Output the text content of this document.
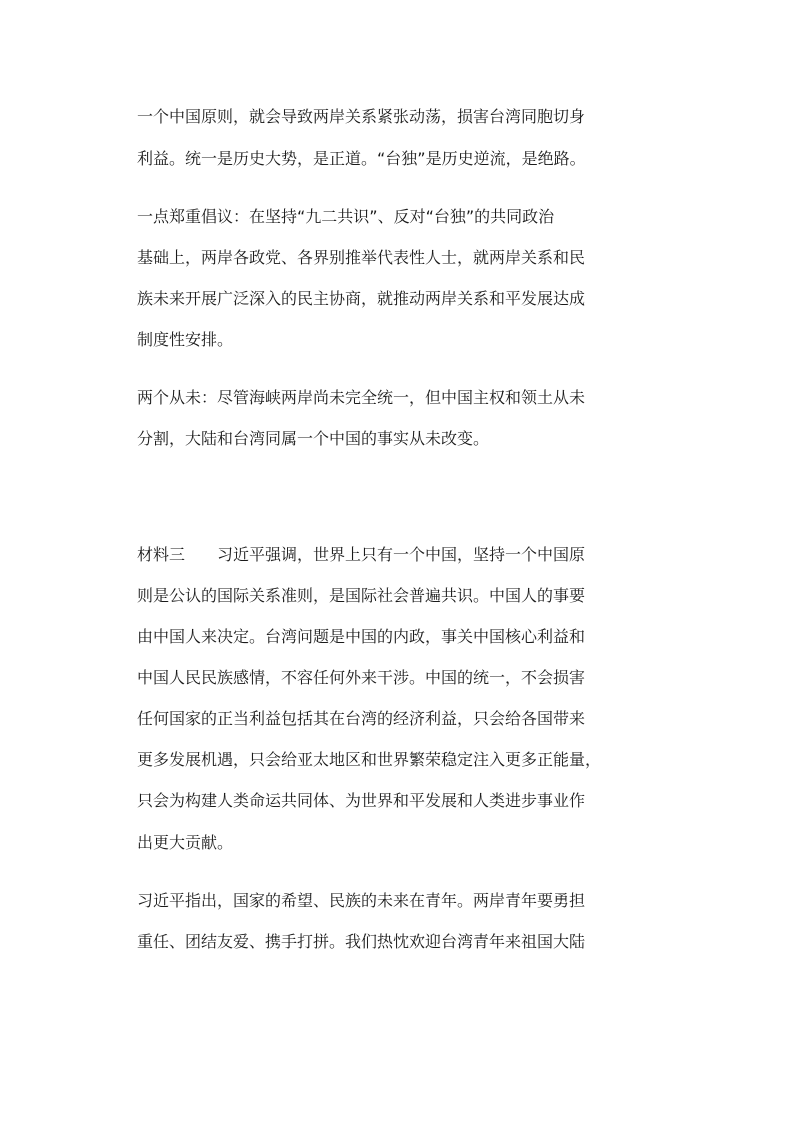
一个中国原则，就会导致两岸关系紧张动荡，损害台湾同胞切身
利益。统一是历史大势，是正道。“台独”是历史逆流，是绝路。
一点郑重倡议：在坚持“九二共识”、反对“台独”的共同政治
基础上，两岸各政党、各界别推举代表性人士，就两岸关系和民
族未来开展广泛深入的民主协商，就推动两岸关系和平发展达成
制度性安排。
两个从未：尽管海峡两岸尚未完全统一，但中国主权和领土从未
分割，大陆和台湾同属一个中国的事实从未改变。
材料三　　习近平强调，世界上只有一个中国，坚持一个中国原
则是公认的国际关系准则，是国际社会普遍共识。中国人的事要
由中国人来决定。台湾问题是中国的内政，事关中国核心利益和
中国人民民族感情，不容任何外来干涉。中国的统一，不会损害
任何国家的正当利益包括其在台湾的经济利益，只会给各国带来
更多发展机遇，只会给亚太地区和世界繁荣稳定注入更多正能量，
只会为构建人类命运共同体、为世界和平发展和人类进步事业作
出更大贡献。
习近平指出，国家的希望、民族的未来在青年。两岸青年要勇担
重任、团结友爱、携手打拼。我们热忱欢迎台湾青年来祖国大陆
